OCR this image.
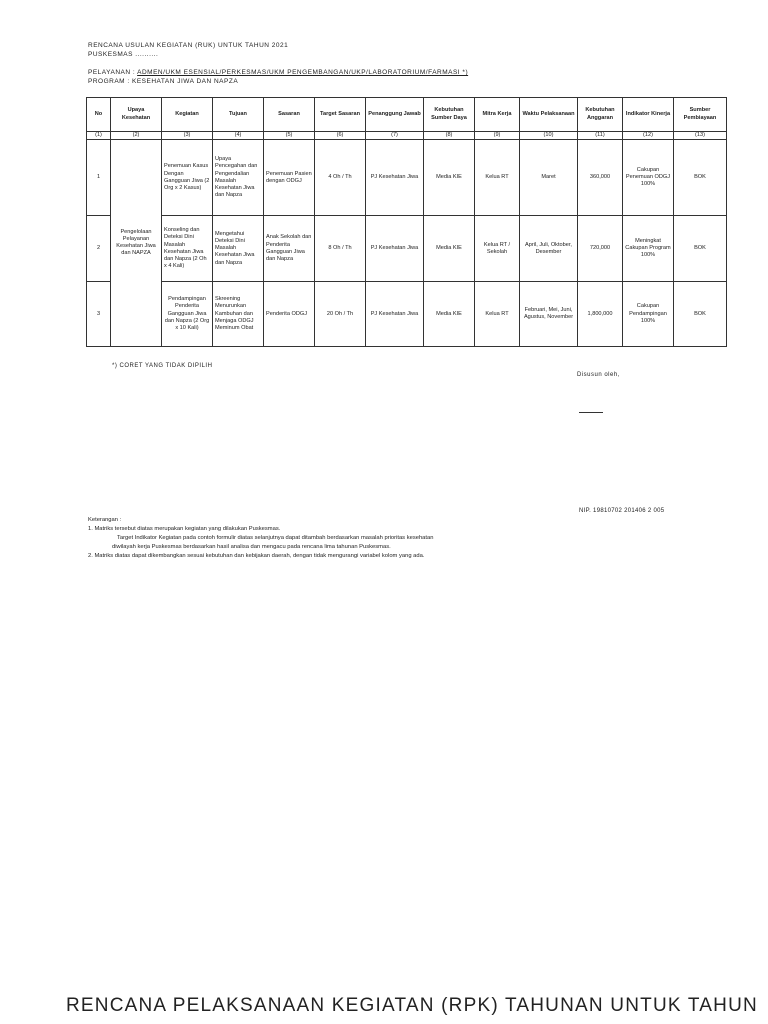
RENCANA USULAN KEGIATAN (RUK) UNTUK TAHUN 2021
PUSKESMAS ..........
PELAYANAN : ADMEN/UKM ESENSIAL/PERKESMAS/UKM PENGEMBANGAN/UKP/LABORATORIUM/FARMASI *)
PROGRAM : KESEHATAN JIWA DAN NAPZA
No	Upaya Kesehatan	Kegiatan	Tujuan	Sasaran	Target Sasaran	Penanggung Jawab	Kebutuhan Sumber Daya	Mitra Kerja	Waktu Pelaksanaan	Kebutuhan Anggaran	Indikator Kinerja	Sumber Pembiayaan
(1)	(2)	(3)	(4)	(5)	(6)	(7)	(8)	(9)	(10)	(11)	(12)	(13)
1	Pengelolaan Pelayanan Kesehatan Jiwa dan NAPZA	Penemuan Kasus Dengan Gangguan Jiwa (2 Org x 2 Kasus)	Upaya Pencegahan dan Pengendalian Masalah Kesehatan Jiwa dan Napza	Penemuan Pasien dengan ODGJ	4 Oh / Th	PJ Kesehatan Jiwa	Media KIE	Kelua RT	Maret	360,000	Cakupan Penemuan ODGJ 100%	BOK
2		Konseling dan Deteksi Dini Masalah Kesehatan Jiwa dan Napza (2 Oh x 4 Kali)	Mengetahui Deteksi Dini Masalah Kesehatan Jiwa dan Napza	Anak Sekolah dan Penderita Gangguan Jiwa dan Napza	8 Oh / Th	PJ Kesehatan Jiwa	Media KIE	Kelua RT / Sekolah	April, Juli, Oktober, Desember	720,000	Meningkat Cakupan Program 100%	BOK
3		Pendampingan Penderita Gangguan Jiwa dan Napza (2 Org x 10 Kali)	Skreening Menurunkan Kambuhan dan Menjaga ODGJ Meminum Obat	Penderita ODGJ	20 Oh / Th	PJ Kesehatan Jiwa	Media KIE	Kelua RT	Februari, Mei, Juni, Agustus, November	1,800,000	Cakupan Pendampingan 100%	BOK
*) CORET YANG TIDAK DIPILIH
Disusun oleh,
NIP. 19810702 201406 2 005
Keterangan :
1. Matriks tersebut diatas merupakan kegiatan yang dilakukan Puskesmas.
Target Indikator Kegiatan pada contoh formulir diatas selanjutnya dapat ditambah berdasarkan masalah prioritas kesehatan
diwilayah kerja Puskesmas berdasarkan hasil analisa dan mengacu pada rencana lima tahunan Puskesmas.
2. Matriks diatas dapat dikembangkan sesuai kebutuhan dan kebijakan daerah, dengan tidak mengurangi variabel kolom yang ada.
RENCANA PELAKSANAAN KEGIATAN (RPK) TAHUNAN UNTUK TAHUN
